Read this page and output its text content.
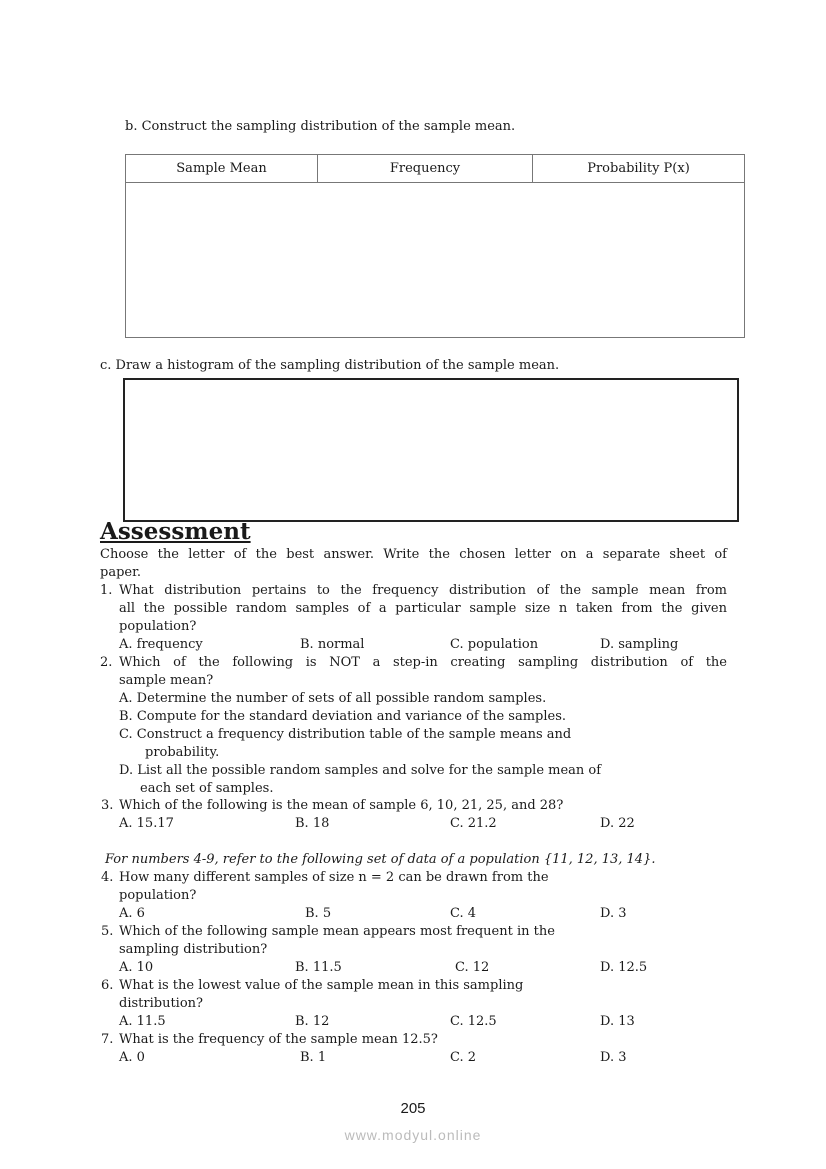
b. Construct the sampling distribution of the sample mean.
Sample Mean	Frequency	Probability P(x)
c. Draw a histogram of the sampling distribution of the sample mean.
Assessment
Choose the letter of the best answer. Write the chosen letter on a separate sheet of
paper.
1. What distribution pertains to the frequency distribution of the sample mean from
all the possible random samples of a particular sample size n taken from the given
population?
A. frequency	B. normal	C. population	D. sampling
2. Which of the following is NOT a step-in creating sampling distribution of the
sample mean?
A. Determine the number of sets of all possible random samples.
B. Compute for the standard deviation and variance of the samples.
C. Construct a frequency distribution table of the sample means and
probability.
D. List all the possible random samples and solve for the sample mean of
each set of samples.
3. Which of the following is the mean of sample 6, 10, 21, 25, and 28?
A. 15.17	B. 18	C. 21.2	D. 22
For numbers 4-9, refer to the following set of data of a population {11, 12, 13, 14}.
4. How many different samples of size n = 2 can be drawn from the
population?
A. 6	B. 5	C. 4	D. 3
5. Which of the following sample mean appears most frequent in the
sampling distribution?
A. 10	B. 11.5	C. 12	D. 12.5
6. What is the lowest value of the sample mean in this sampling
distribution?
A. 11.5	B. 12	C. 12.5	D. 13
7. What is the frequency of the sample mean 12.5?
A. 0	B. 1	C. 2	D. 3
205
www.modyul.online
